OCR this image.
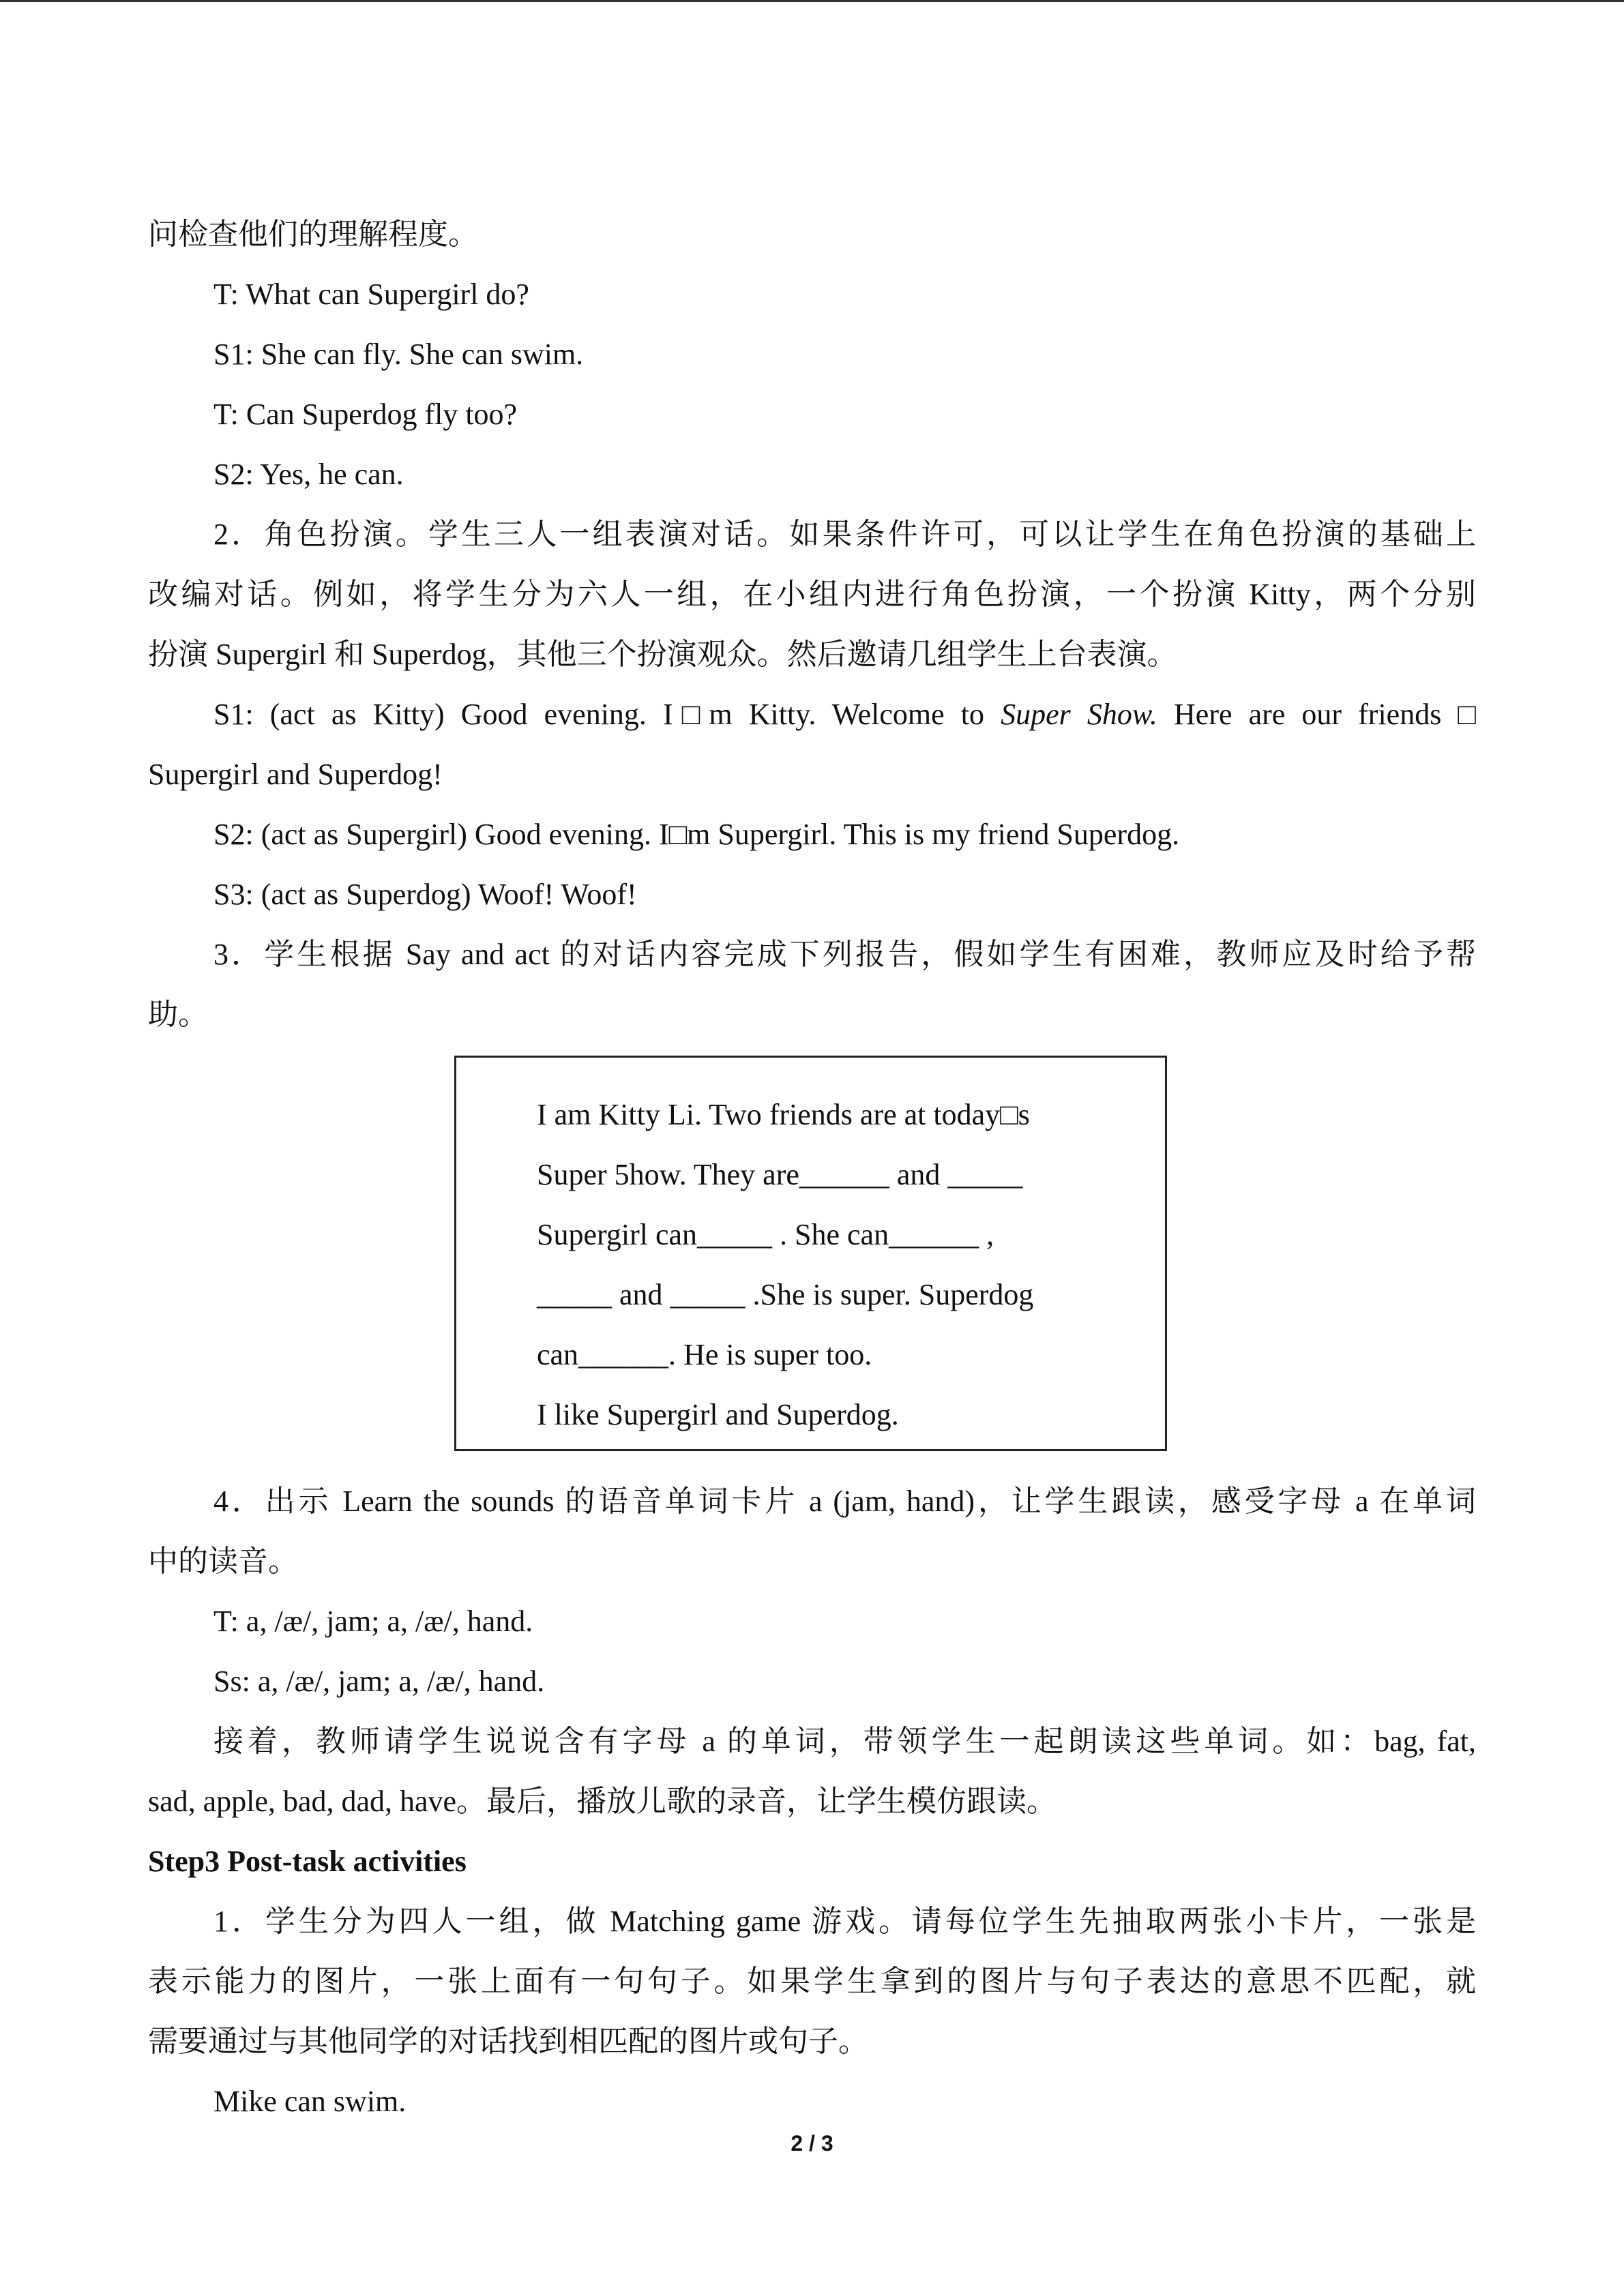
问检查他们的理解程度。

T: What can Supergirl do?

S1: She can fly. She can swim.

T: Can Superdog fly too?

S2: Yes, he can.

2．角色扮演。学生三人一组表演对话。如果条件许可，可以让学生在角色扮演的基础上

改编对话。例如，将学生分为六人一组，在小组内进行角色扮演，一个扮演 Kitty，两个分别

扮演 Supergirl 和 Superdog，其他三个扮演观众。然后邀请几组学生上台表演。

S1: (act as Kitty) Good evening. I□m Kitty. Welcome to Super Show. Here are our friends □

Supergirl and Superdog!

S2: (act as Supergirl) Good evening. I□m Supergirl. This is my friend Superdog.

S3: (act as Superdog) Woof! Woof!

3．学生根据 Say and act 的对话内容完成下列报告，假如学生有困难，教师应及时给予帮

助。

I am Kitty Li. Two friends are at today□s

Super 5how. They are______ and _____

Supergirl can_____ . She can______ ,

_____ and _____ .She is super. Superdog

can______. He is super too.

I like Supergirl and Superdog.

4．出示 Learn the sounds 的语音单词卡片 a (jam, hand)，让学生跟读，感受字母 a 在单词

中的读音。

T: a, /æ/, jam; a, /æ/, hand.

Ss: a, /æ/, jam; a, /æ/, hand.

接着，教师请学生说说含有字母 a 的单词，带领学生一起朗读这些单词。如：bag, fat,

sad, apple, bad, dad, have。最后，播放儿歌的录音，让学生模仿跟读。

Step3 Post-task activities

1．学生分为四人一组，做 Matching game 游戏。请每位学生先抽取两张小卡片，一张是

表示能力的图片，一张上面有一句句子。如果学生拿到的图片与句子表达的意思不匹配，就

需要通过与其他同学的对话找到相匹配的图片或句子。

Mike can swim.

2 / 3
